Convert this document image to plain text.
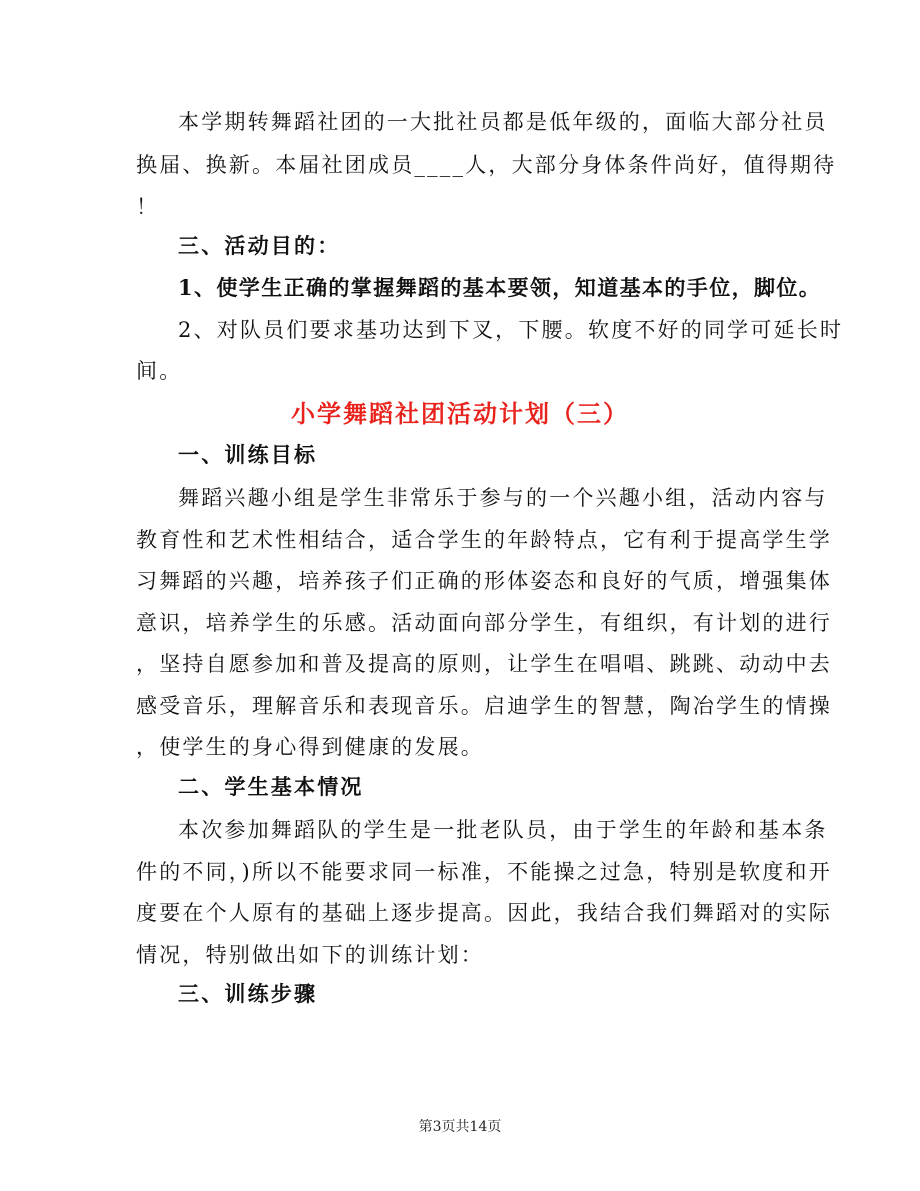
本学期转舞蹈社团的一大批社员都是低年级的，面临大部分社员
换届、换新。本届社团成员____人，大部分身体条件尚好，值得期待
！
三、活动目的：
1、使学生正确的掌握舞蹈的基本要领，知道基本的手位，脚位。
2、对队员们要求基功达到下叉，下腰。软度不好的同学可延长时
间。
小学舞蹈社团活动计划（三）
一、训练目标
舞蹈兴趣小组是学生非常乐于参与的一个兴趣小组，活动内容与
教育性和艺术性相结合，适合学生的年龄特点，它有利于提高学生学
习舞蹈的兴趣，培养孩子们正确的形体姿态和良好的气质，增强集体
意识，培养学生的乐感。活动面向部分学生，有组织，有计划的进行
，坚持自愿参加和普及提高的原则，让学生在唱唱、跳跳、动动中去
感受音乐，理解音乐和表现音乐。启迪学生的智慧，陶冶学生的情操
，使学生的身心得到健康的发展。
二、学生基本情况
本次参加舞蹈队的学生是一批老队员，由于学生的年龄和基本条
件的不同，)所以不能要求同一标准，不能操之过急，特别是软度和开
度要在个人原有的基础上逐步提高。因此，我结合我们舞蹈对的实际
情况，特别做出如下的训练计划：
三、训练步骤
第3页共14页
